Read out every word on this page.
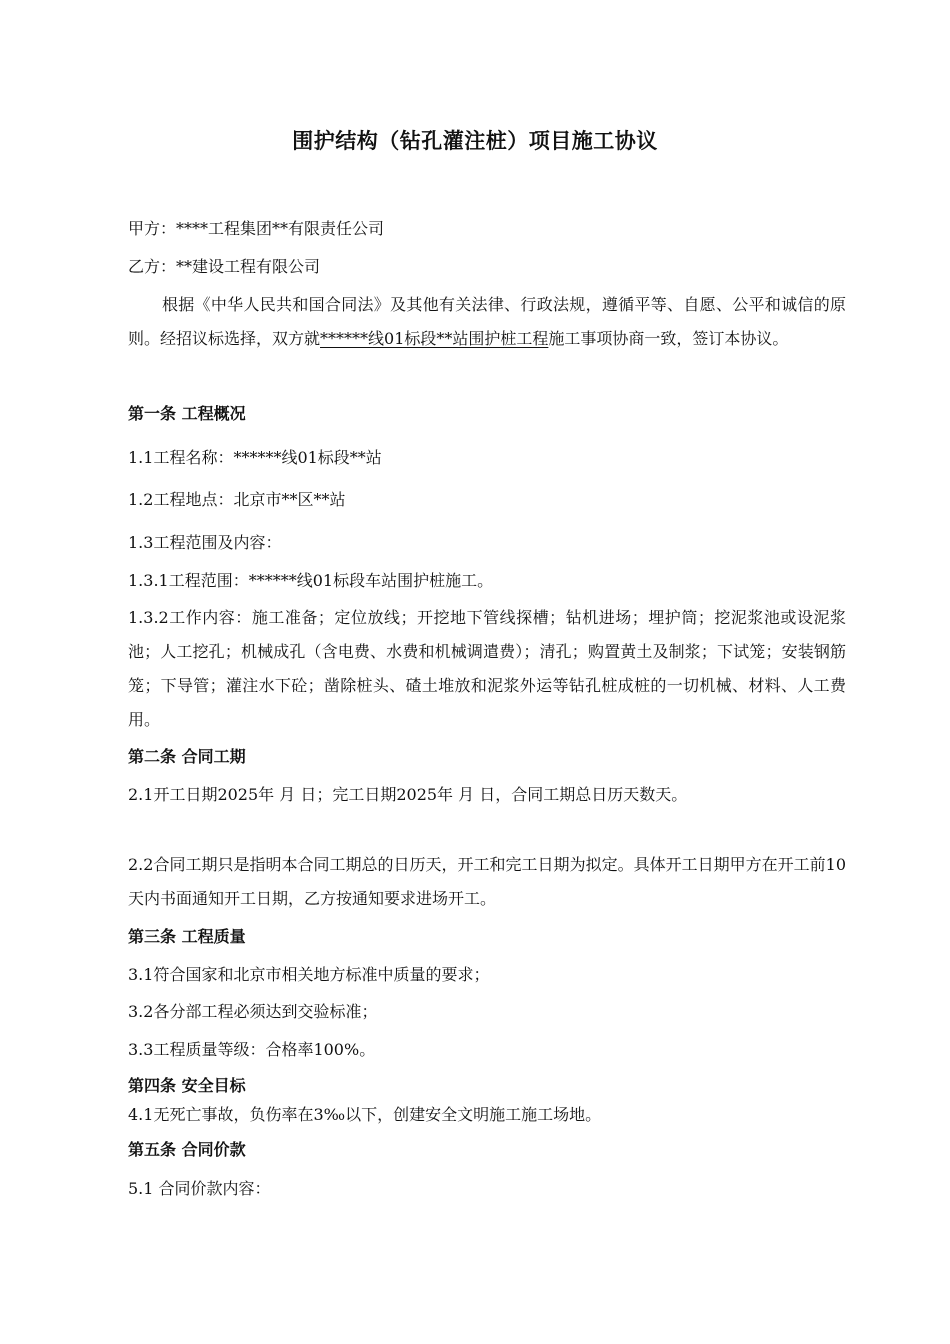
围护结构（钻孔灌注桩）项目施工协议
甲方：****工程集团**有限责任公司
乙方：**建设工程有限公司
根据《中华人民共和国合同法》及其他有关法律、行政法规，遵循平等、自愿、公平和诚信的原则。经招议标选择，双方就******线01标段**站围护桩工程施工事项协商一致，签订本协议。
第一条 工程概况
1.1工程名称：******线01标段**站
1.2工程地点：北京市**区**站
1.3工程范围及内容：
1.3.1工程范围：******线01标段车站围护桩施工。
1.3.2工作内容：施工准备；定位放线；开挖地下管线探槽；钻机进场；埋护筒；挖泥浆池或设泥浆池；人工挖孔；机械成孔（含电费、水费和机械调遣费）；清孔；购置黄土及制浆；下试笼；安装钢筋笼；下导管；灌注水下砼；凿除桩头、碴土堆放和泥浆外运等钻孔桩成桩的一切机械、材料、人工费用。
第二条 合同工期
2.1开工日期2025年 月 日；完工日期2025年 月 日，合同工期总日历天数天。
2.2合同工期只是指明本合同工期总的日历天，开工和完工日期为拟定。具体开工日期甲方在开工前10天内书面通知开工日期，乙方按通知要求进场开工。
第三条 工程质量
3.1符合国家和北京市相关地方标准中质量的要求；
3.2各分部工程必须达到交验标准；
3.3工程质量等级：合格率100%。
第四条 安全目标
4.1无死亡事故，负伤率在3‰以下，创建安全文明施工施工场地。
第五条 合同价款
5.1 合同价款内容：
